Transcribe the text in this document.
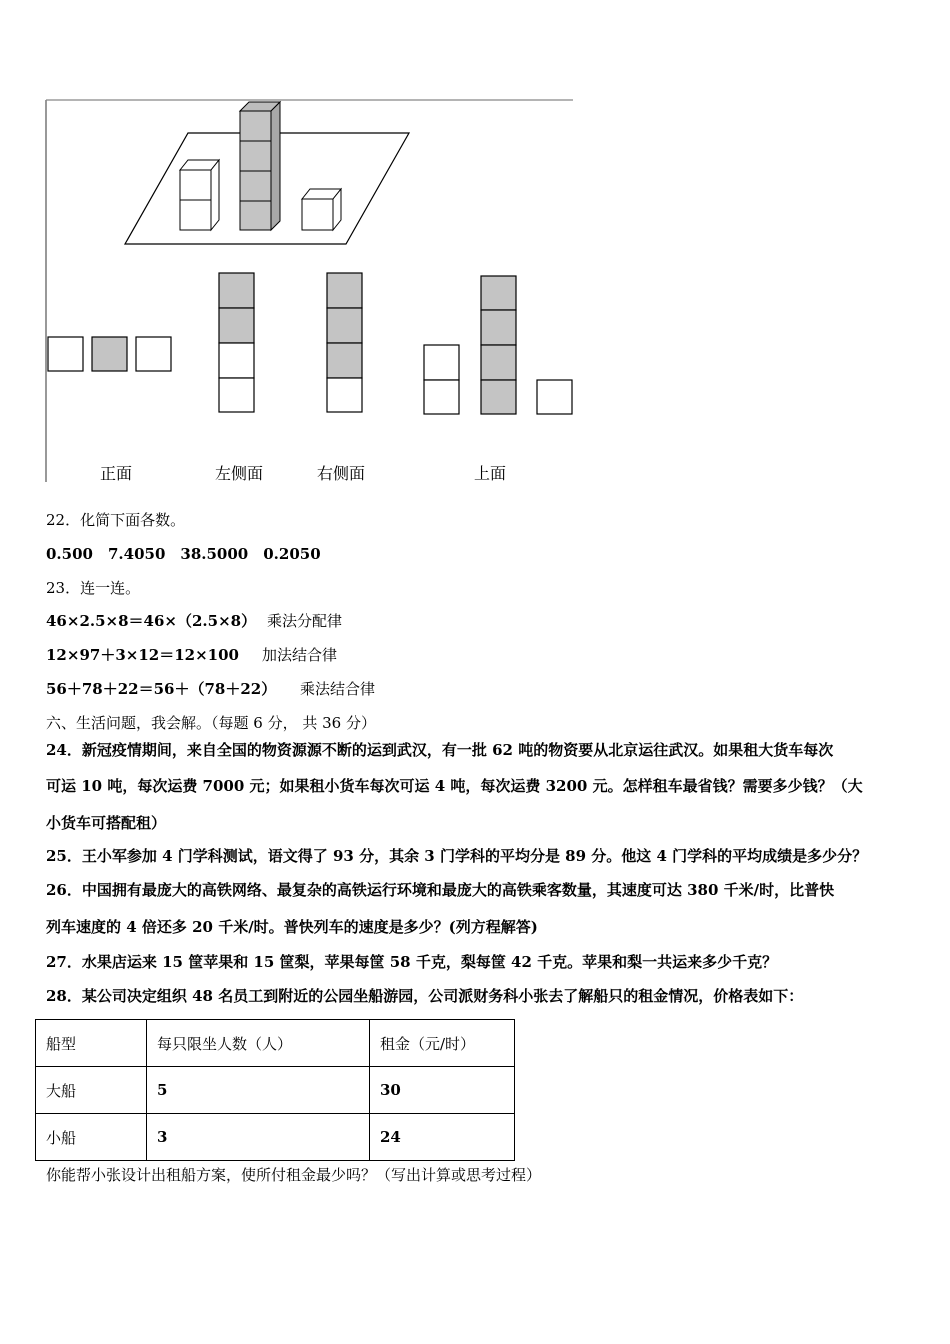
正面	左侧面	右侧面	上面
22．化简下面各数。
0.500　7.4050　38.5000　0.2050
23．连一连。
46×2.5×8＝46×（2.5×8） 乘法分配律
12×97＋3×12＝12×100 加法结合律
56＋78＋22＝56＋（78＋22） 乘法结合律
六、生活问题，我会解。（每题 6 分， 共 36 分）
24．新冠疫情期间，来自全国的物资源源不断的运到武汉，有一批 62 吨的物资要从北京运往武汉。如果租大货车每次
可运 10 吨，每次运费 7000 元；如果租小货车每次可运 4 吨，每次运费 3200 元。怎样租车最省钱？需要多少钱？（大
小货车可搭配租）
25．王小军参加 4 门学科测试，语文得了 93 分，其余 3 门学科的平均分是 89 分。他这 4 门学科的平均成绩是多少分？
26．中国拥有最庞大的高铁网络、最复杂的高铁运行环境和最庞大的高铁乘客数量，其速度可达 380 千米/时，比普快
列车速度的 4 倍还多 20 千米/时。普快列车的速度是多少？(列方程解答)
27．水果店运来 15 筐苹果和 15 筐梨，苹果每筐 58 千克，梨每筐 42 千克。苹果和梨一共运来多少千克？
28．某公司决定组织 48 名员工到附近的公园坐船游园，公司派财务科小张去了解船只的租金情况，价格表如下：
船型	每只限坐人数（人）	租金（元/时）
大船	5	30
小船	3	24
你能帮小张设计出租船方案，使所付租金最少吗？（写出计算或思考过程）
